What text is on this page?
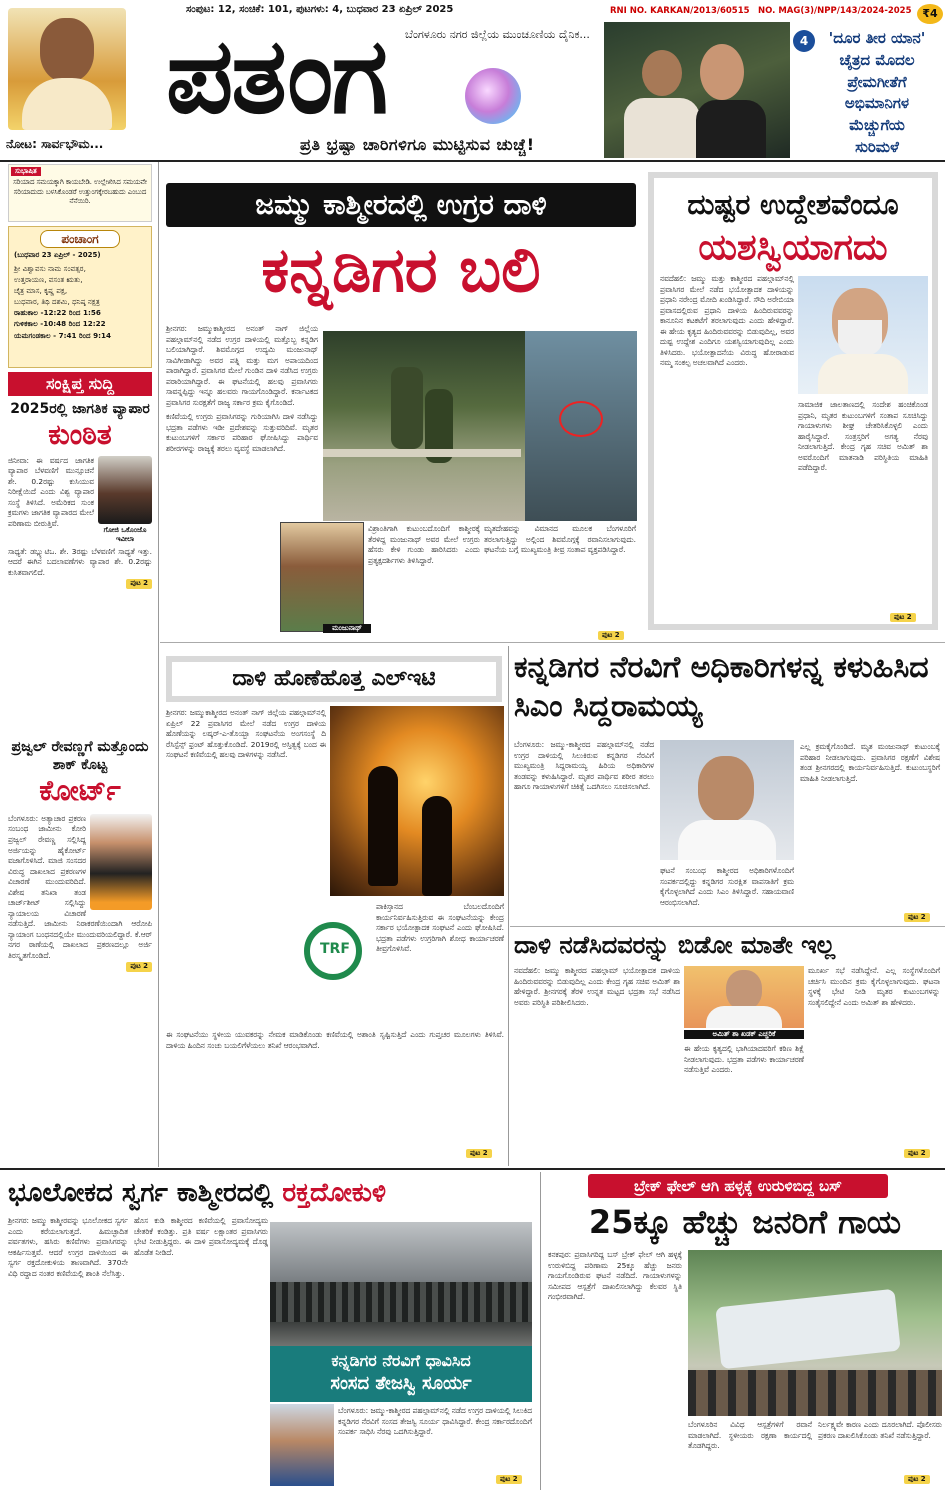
ನೋಟ: ಸಾರ್ವಭೌಮ...
ಸಂಪುಟ: 12, ಸಂಚಿಕೆ: 101, ಪುಟಗಳು: 4, ಬುಧವಾರ 23 ಏಪ್ರಿಲ್ 2025	RNI NO. KARKAN/2013/60515 NO. MAG(3)/NPP/143/2024-2025 ₹4
ಬೆಂಗಳೂರು ನಗರ ಜಿಲ್ಲೆಯ ಮುಂಚೂಣಿಯ ದೈನಿಕ...
ಪತಂಗ
ಪ್ರತಿ ಭ್ರಷ್ಟಾ ಚಾರಿಗಳಿಗೂ ಮುಟ್ಟಿಸುವ ಚುಚ್ಚೆ!
4	'ದೂರ ತೀರ ಯಾನ'
ಚೈತ್ರದ ಮೊದಲ
ಪ್ರೇಮಗೀತೆಗೆ
ಅಭಿಮಾನಿಗಳ
ಮೆಚ್ಚುಗೆಯ
ಸುರಿಮಳೆ
ಸುಭಾಷಿತ
ಸರಿಯಾದ ಸಮಯಕ್ಕಾಗಿ ಕಾಯಬೇಡಿ. ಉಲ್ಲೇಖಿಸಿದ ಸಮಯವೇ ಸರಿಯಾದುದು ಬಳಸಿಕೊಂಡರೆ ಉತ್ತುಂಗಕ್ಕೇರಬಹುದು ಎಂಬುದ ನೆನೆಯಿರಿ.
ಪಂಚಾಂಗ
(ಬುಧವಾರ 23 ಏಪ್ರಿಲ್ - 2025)
ಶ್ರೀ ವಿಶ್ವಾವಸು ನಾಮ ಸಂವತ್ಸರ,
ಉತ್ತರಾಯಣ, ವಸಂತ ಋತು,
ಚೈತ್ರ ಮಾಸ, ಕೃಷ್ಣ ಪಕ್ಷ,
ಬುಧವಾರ, ತಿಥಿ ದಶಮಿ, ಧನಿಷ್ಠ ನಕ್ಷತ್ರ
ರಾಹುಕಾಲ -12:22 ರಿಂದ 1:56
ಗುಳಿಕಕಾಲ -10:48 ರಿಂದ 12:22
ಯಮಗಂಡಕಾಲ - 7:41 ರಿಂದ 9:14
ಸಂಕ್ಷಿಪ್ತ ಸುದ್ದಿ
2025ರಲ್ಲಿ ಜಾಗತಿಕ ವ್ಯಾಪಾರ
ಕುಂಠಿತ
ಜಿನೀವಾ: ಈ ವರ್ಷದ ಜಾಗತಿಕ ವ್ಯಾಪಾರ ಬೆಳವಣಿಗೆ ಮುನ್ಸೂಚನೆ ಶೇ. 0.2ರಷ್ಟು ಕುಸಿಯುವ ನಿರೀಕ್ಷೆಯಿದೆ ಎಂದು ವಿಶ್ವ ವ್ಯಾಪಾರ ಸಂಸ್ಥೆ ತಿಳಿಸಿದೆ. ಅಮೆರಿಕದ ಸುಂಕ ಕ್ರಮಗಳು ಜಾಗತಿಕ ವ್ಯಾಪಾರದ ಮೇಲೆ ಪರಿಣಾಮ ಬೀರುತ್ತಿವೆ.
ಗೋಜಿ ಒಕೊಂಜೊ ಇವೀಲಾ
ಸಾಧ್ಯತೆ: ಡಬ್ಲ್ಯುಟಿಒ. ಶೇ. 3ರಷ್ಟು ಬೆಳವಣಿಗೆ ಸಾಧ್ಯತೆ ಇತ್ತು. ಆದರೆ ಈಗಿನ ಬದಲಾವಣೆಗಳು ವ್ಯಾಪಾರ ಶೇ. 0.2ರಷ್ಟು ಕುಸಿತವಾಗಲಿದೆ.
ಪುಟ 2
ಪ್ರಜ್ವಲ್ ರೇವಣ್ಣಗೆ ಮತ್ತೊಂದು ಶಾಕ್ ಕೊಟ್ಟ
ಕೋರ್ಟ್
ಬೆಂಗಳೂರು: ಅತ್ಯಾಚಾರ ಪ್ರಕರಣ ಸಂಬಂಧ ಜಾಮೀನು ಕೋರಿ ಪ್ರಜ್ವಲ್ ರೇವಣ್ಣ ಸಲ್ಲಿಸಿದ್ದ ಅರ್ಜಿಯನ್ನು ಹೈಕೋರ್ಟ್ ವಜಾಗೊಳಿಸಿದೆ. ಮಾಜಿ ಸಂಸದರ ವಿರುದ್ಧ ದಾಖಲಾದ ಪ್ರಕರಣಗಳ ವಿಚಾರಣೆ ಮುಂದುವರಿದಿದೆ. ವಿಶೇಷ ತನಿಖಾ ತಂಡ ಚಾರ್ಜ್‌ಶೀಟ್ ಸಲ್ಲಿಸಿದ್ದು ನ್ಯಾಯಾಲಯ ವಿಚಾರಣೆ ನಡೆಸುತ್ತಿದೆ. ಜಾಮೀನು ನಿರಾಕರಣೆಯಿಂದಾಗಿ ಆರೋಪಿ ನ್ಯಾಯಾಂಗ ಬಂಧನದಲ್ಲಿಯೇ ಮುಂದುವರಿಯಲಿದ್ದಾರೆ. ಕೆ.ಆರ್ ನಗರ ಠಾಣೆಯಲ್ಲಿ ದಾಖಲಾದ ಪ್ರಕರಣದಲ್ಲೂ ಅರ್ಜಿ ತಿರಸ್ಕೃತಗೊಂಡಿದೆ.
ಪುಟ 2
ಜಮ್ಮು ಕಾಶ್ಮೀರದಲ್ಲಿ ಉಗ್ರರ ದಾಳಿ
ಕನ್ನಡಿಗರ ಬಲಿ

ಶ್ರೀನಗರ: ಜಮ್ಮುಕಾಶ್ಮೀರದ ಅನಂತ್ ನಾಗ್ ಜಿಲ್ಲೆಯ ಪಹಲ್ಗಾಮ್‌ನಲ್ಲಿ ನಡೆದ ಉಗ್ರರ ದಾಳಿಯಲ್ಲಿ ಮತ್ತೊಬ್ಬ ಕನ್ನಡಿಗ ಬಲಿಯಾಗಿದ್ದಾರೆ. ಶಿವಮೊಗ್ಗದ ಉದ್ಯಮಿ ಮಂಜುನಾಥ್ ಸಾವಿಗೀಡಾಗಿದ್ದು ಅವರ ಪತ್ನಿ ಮತ್ತು ಮಗ ಅಪಾಯದಿಂದ ಪಾರಾಗಿದ್ದಾರೆ. ಪ್ರವಾಸಿಗರ ಮೇಲೆ ಗುಂಡಿನ ದಾಳಿ ನಡೆಸಿದ ಉಗ್ರರು ಪರಾರಿಯಾಗಿದ್ದಾರೆ. ಈ ಘಟನೆಯಲ್ಲಿ ಹಲವು ಪ್ರವಾಸಿಗರು ಸಾವನ್ನಪ್ಪಿದ್ದು ಇನ್ನೂ ಹಲವರು ಗಾಯಗೊಂಡಿದ್ದಾರೆ. ಕರ್ನಾಟಕದ ಪ್ರವಾಸಿಗರ ಸುರಕ್ಷತೆಗೆ ರಾಜ್ಯ ಸರ್ಕಾರ ಕ್ರಮ ಕೈಗೊಂಡಿದೆ.

ಕಣಿವೆಯಲ್ಲಿ ಉಗ್ರರು ಪ್ರವಾಸಿಗರನ್ನು ಗುರಿಯಾಗಿಸಿ ದಾಳಿ ನಡೆಸಿದ್ದು ಭದ್ರತಾ ಪಡೆಗಳು ಇಡೀ ಪ್ರದೇಶವನ್ನು ಸುತ್ತುವರಿದಿವೆ. ಮೃತರ ಕುಟುಂಬಗಳಿಗೆ ಸರ್ಕಾರ ಪರಿಹಾರ ಘೋಷಿಸಿದ್ದು ಪಾರ್ಥಿವ ಶರೀರಗಳನ್ನು ರಾಜ್ಯಕ್ಕೆ ತರಲು ವ್ಯವಸ್ಥೆ ಮಾಡಲಾಗಿದೆ.

ಮಂಜುನಾಥ್
ವಿಶ್ರಾಂತಿಗಾಗಿ ಕುಟುಂಬದೊಂದಿಗೆ ಕಾಶ್ಮೀರಕ್ಕೆ ತೆರಳಿದ್ದ ಮಂಜುನಾಥ್ ಅವರ ಮೇಲೆ ಉಗ್ರರು ಹೆಸರು ಕೇಳಿ ಗುಂಡು ಹಾರಿಸಿದರು ಎಂದು ಪ್ರತ್ಯಕ್ಷದರ್ಶಿಗಳು ತಿಳಿಸಿದ್ದಾರೆ.
ಮೃತದೇಹವನ್ನು ವಿಮಾನದ ಮೂಲಕ ಬೆಂಗಳೂರಿಗೆ ತರಲಾಗುತ್ತಿದ್ದು ಅಲ್ಲಿಂದ ಶಿವಮೊಗ್ಗಕ್ಕೆ ರವಾನಿಸಲಾಗುವುದು. ಘಟನೆಯ ಬಗ್ಗೆ ಮುಖ್ಯಮಂತ್ರಿ ತೀವ್ರ ಸಂತಾಪ ವ್ಯಕ್ತಪಡಿಸಿದ್ದಾರೆ.
ಪುಟ 2
ದುಷ್ಟರ ಉದ್ದೇಶವೆಂದೂ
ಯಶಸ್ವಿಯಾಗದು
ನವದೆಹಲಿ: ಜಮ್ಮು ಮತ್ತು ಕಾಶ್ಮೀರದ ಪಹಲ್ಗಾಮ್‌ನಲ್ಲಿ ಪ್ರವಾಸಿಗರ ಮೇಲೆ ನಡೆದ ಭಯೋತ್ಪಾದಕ ದಾಳಿಯನ್ನು ಪ್ರಧಾನಿ ನರೇಂದ್ರ ಮೋದಿ ಖಂಡಿಸಿದ್ದಾರೆ. ಸೌದಿ ಅರೇಬಿಯಾ ಪ್ರವಾಸದಲ್ಲಿರುವ ಪ್ರಧಾನಿ ದಾಳಿಯ ಹಿಂದಿರುವವರನ್ನು ಕಾನೂನಿನ ಕಟಕಟೆಗೆ ತರಲಾಗುವುದು ಎಂದು ಹೇಳಿದ್ದಾರೆ. ಈ ಹೇಯ ಕೃತ್ಯದ ಹಿಂದಿರುವವರನ್ನು ಬಿಡುವುದಿಲ್ಲ, ಅವರ ದುಷ್ಟ ಉದ್ದೇಶ ಎಂದಿಗೂ ಯಶಸ್ವಿಯಾಗುವುದಿಲ್ಲ ಎಂದು ತಿಳಿಸಿದರು. ಭಯೋತ್ಪಾದನೆಯ ವಿರುದ್ಧ ಹೋರಾಡುವ ನಮ್ಮ ಸಂಕಲ್ಪ ಅಚಲವಾಗಿದೆ ಎಂದರು.
ಸಾಮಾಜಿಕ ಜಾಲತಾಣದಲ್ಲಿ ಸಂದೇಶ ಹಂಚಿಕೊಂಡ ಪ್ರಧಾನಿ, ಮೃತರ ಕುಟುಂಬಗಳಿಗೆ ಸಂತಾಪ ಸೂಚಿಸಿದ್ದು ಗಾಯಾಳುಗಳು ಶೀಘ್ರ ಚೇತರಿಸಿಕೊಳ್ಳಲಿ ಎಂದು ಹಾರೈಸಿದ್ದಾರೆ. ಸಂತ್ರಸ್ತರಿಗೆ ಅಗತ್ಯ ನೆರವು ನೀಡಲಾಗುತ್ತಿದೆ. ಕೇಂದ್ರ ಗೃಹ ಸಚಿವ ಅಮಿತ್ ಶಾ ಅವರೊಂದಿಗೆ ಮಾತನಾಡಿ ಪರಿಸ್ಥಿತಿಯ ಮಾಹಿತಿ ಪಡೆದಿದ್ದಾರೆ.
ಪುಟ 2
ದಾಳಿ ಹೊಣೆಹೊತ್ತ ಎಲ್‌ಇಟಿ
ಶ್ರೀನಗರ: ಜಮ್ಮುಕಾಶ್ಮೀರದ ಅನಂತ್ ನಾಗ್ ಜಿಲ್ಲೆಯ ಪಹಲ್ಗಾಮ್‌ನಲ್ಲಿ ಏಪ್ರಿಲ್ 22 ಪ್ರವಾಸಿಗರ ಮೇಲೆ ನಡೆದ ಉಗ್ರರ ದಾಳಿಯ ಹೊಣೆಯನ್ನು ಲಷ್ಕರ್-ಎ-ತೊಯ್ಬಾ ಸಂಘಟನೆಯ ಅಂಗಸಂಸ್ಥೆ ದಿ ರೆಸಿಸ್ಟೆನ್ಸ್ ಫ್ರಂಟ್ ಹೊತ್ತುಕೊಂಡಿದೆ. 2019ರಲ್ಲಿ ಅಸ್ತಿತ್ವಕ್ಕೆ ಬಂದ ಈ ಸಂಘಟನೆ ಕಣಿವೆಯಲ್ಲಿ ಹಲವು ದಾಳಿಗಳನ್ನು ನಡೆಸಿದೆ.
TRF
ಪಾಕಿಸ್ತಾನದ ಬೆಂಬಲದೊಂದಿಗೆ ಕಾರ್ಯನಿರ್ವಹಿಸುತ್ತಿರುವ ಈ ಸಂಘಟನೆಯನ್ನು ಕೇಂದ್ರ ಸರ್ಕಾರ ಭಯೋತ್ಪಾದಕ ಸಂಘಟನೆ ಎಂದು ಘೋಷಿಸಿದೆ. ಭದ್ರತಾ ಪಡೆಗಳು ಉಗ್ರರಿಗಾಗಿ ಶೋಧ ಕಾರ್ಯಾಚರಣೆ ತೀವ್ರಗೊಳಿಸಿವೆ.
ಈ ಸಂಘಟನೆಯು ಸ್ಥಳೀಯ ಯುವಕರನ್ನು ನೇಮಕ ಮಾಡಿಕೊಂಡು ಕಣಿವೆಯಲ್ಲಿ ಅಶಾಂತಿ ಸೃಷ್ಟಿಸುತ್ತಿದೆ ಎಂದು ಗುಪ್ತಚರ ಮೂಲಗಳು ತಿಳಿಸಿವೆ. ದಾಳಿಯ ಹಿಂದಿನ ಸಂಚು ಬಯಲಿಗೆಳೆಯಲು ತನಿಖೆ ಆರಂಭವಾಗಿದೆ.
ಪುಟ 2
ಕನ್ನಡಿಗರ ನೆರವಿಗೆ ಅಧಿಕಾರಿಗಳನ್ನ ಕಳುಹಿಸಿದ ಸಿಎಂ ಸಿದ್ದರಾಮಯ್ಯ
ಬೆಂಗಳೂರು: ಜಮ್ಮು-ಕಾಶ್ಮೀರದ ಪಹಲ್ಗಾಮ್‌ನಲ್ಲಿ ನಡೆದ ಉಗ್ರರ ದಾಳಿಯಲ್ಲಿ ಸಿಲುಕಿರುವ ಕನ್ನಡಿಗರ ನೆರವಿಗೆ ಮುಖ್ಯಮಂತ್ರಿ ಸಿದ್ದರಾಮಯ್ಯ ಹಿರಿಯ ಅಧಿಕಾರಿಗಳ ತಂಡವನ್ನು ಕಳುಹಿಸಿದ್ದಾರೆ. ಮೃತರ ಪಾರ್ಥಿವ ಶರೀರ ತರಲು ಹಾಗೂ ಗಾಯಾಳುಗಳಿಗೆ ಚಿಕಿತ್ಸೆ ಒದಗಿಸಲು ಸೂಚಿಸಲಾಗಿದೆ.
ಘಟನೆ ಸಂಬಂಧ ಕಾಶ್ಮೀರದ ಅಧಿಕಾರಿಗಳೊಂದಿಗೆ ಸಂಪರ್ಕದಲ್ಲಿದ್ದು ಕನ್ನಡಿಗರ ಸುರಕ್ಷಿತ ವಾಪಸಾತಿಗೆ ಕ್ರಮ ಕೈಗೊಳ್ಳಲಾಗಿದೆ ಎಂದು ಸಿಎಂ ತಿಳಿಸಿದ್ದಾರೆ. ಸಹಾಯವಾಣಿ ಆರಂಭಿಸಲಾಗಿದೆ.
ಎಲ್ಲ ಕ್ರಮಕೈಗೊಂಡಿದೆ. ಮೃತ ಮಂಜುನಾಥ್ ಕುಟುಂಬಕ್ಕೆ ಪರಿಹಾರ ನೀಡಲಾಗುವುದು. ಪ್ರವಾಸಿಗರ ರಕ್ಷಣೆಗೆ ವಿಶೇಷ ತಂಡ ಶ್ರೀನಗರದಲ್ಲಿ ಕಾರ್ಯನಿರ್ವಹಿಸುತ್ತಿದೆ. ಕುಟುಂಬಸ್ಥರಿಗೆ ಮಾಹಿತಿ ನೀಡಲಾಗುತ್ತಿದೆ.
ಪುಟ 2
ದಾಳಿ ನಡೆಸಿದವರನ್ನು ಬಿಡೋ ಮಾತೇ ಇಲ್ಲ
ನವದೆಹಲಿ: ಜಮ್ಮು ಕಾಶ್ಮೀರದ ಪಹಲ್ಗಾಮ್ ಭಯೋತ್ಪಾದಕ ದಾಳಿಯ ಹಿಂದಿರುವವರನ್ನು ಬಿಡುವುದಿಲ್ಲ ಎಂದು ಕೇಂದ್ರ ಗೃಹ ಸಚಿವ ಅಮಿತ್ ಶಾ ಹೇಳಿದ್ದಾರೆ. ಶ್ರೀನಗರಕ್ಕೆ ತೆರಳಿ ಉನ್ನತ ಮಟ್ಟದ ಭದ್ರತಾ ಸಭೆ ನಡೆಸಿದ ಅವರು ಪರಿಸ್ಥಿತಿ ಪರಿಶೀಲಿಸಿದರು.
ಅಮಿತ್ ಶಾ ಖಡಕ್ ಎಚ್ಚರಿಕೆ
ಈ ಹೇಯ ಕೃತ್ಯದಲ್ಲಿ ಭಾಗಿಯಾದವರಿಗೆ ಕಠಿಣ ಶಿಕ್ಷೆ ನೀಡಲಾಗುವುದು. ಭದ್ರತಾ ಪಡೆಗಳು ಕಾರ್ಯಾಚರಣೆ ನಡೆಸುತ್ತಿವೆ ಎಂದರು.
ಮೂರ್ಖ ಸಭೆ ನಡೆಸಿದ್ದೇನೆ. ಎಲ್ಲ ಸಂಸ್ಥೆಗಳೊಂದಿಗೆ ಚರ್ಚಿಸಿ ಮುಂದಿನ ಕ್ರಮ ಕೈಗೊಳ್ಳಲಾಗುವುದು. ಘಟನಾ ಸ್ಥಳಕ್ಕೆ ಭೇಟಿ ನೀಡಿ ಮೃತರ ಕುಟುಂಬಗಳನ್ನು ಸಂತೈಸಲಿದ್ದೇನೆ ಎಂದು ಅಮಿತ್ ಶಾ ಹೇಳಿದರು.
ಪುಟ 2
ಭೂಲೋಕದ ಸ್ವರ್ಗ ಕಾಶ್ಮೀರದಲ್ಲಿ ರಕ್ತದೋಕುಳಿ
ಶ್ರೀನಗರ: ಜಮ್ಮು ಕಾಶ್ಮೀರವನ್ನು ಭೂಲೋಕದ ಸ್ವರ್ಗ ಎಂದು ಕರೆಯಲಾಗುತ್ತದೆ. ಹಿಮಚ್ಛಾದಿತ ಪರ್ವತಗಳು, ಹಸಿರು ಕಣಿವೆಗಳು ಪ್ರವಾಸಿಗರನ್ನು ಆಕರ್ಷಿಸುತ್ತವೆ. ಆದರೆ ಉಗ್ರರ ದಾಳಿಯಿಂದ ಈ ಸ್ವರ್ಗ ರಕ್ತದೋಕುಳಿಯ ತಾಣವಾಗಿದೆ. 370ನೇ ವಿಧಿ ರದ್ದಾದ ನಂತರ ಕಣಿವೆಯಲ್ಲಿ ಶಾಂತಿ ನೆಲೆಸಿತ್ತು.
ಹೊಸ ಕುಡಿ ಕಾಶ್ಮೀರದ ಕಣಿವೆಯಲ್ಲಿ ಪ್ರವಾಸೋದ್ಯಮ ಚೇತರಿಕೆ ಕಂಡಿತ್ತು. ಪ್ರತಿ ವರ್ಷ ಲಕ್ಷಾಂತರ ಪ್ರವಾಸಿಗರು ಭೇಟಿ ನೀಡುತ್ತಿದ್ದರು. ಈ ದಾಳಿ ಪ್ರವಾಸೋದ್ಯಮಕ್ಕೆ ದೊಡ್ಡ ಹೊಡೆತ ನೀಡಿದೆ.
ಕನ್ನಡಿಗರ ನೆರವಿಗೆ ಧಾವಿಸಿದ
ಸಂಸದ ತೇಜಸ್ವಿ ಸೂರ್ಯ
ಬೆಂಗಳೂರು: ಜಮ್ಮು-ಕಾಶ್ಮೀರದ ಪಹಲ್ಗಾಮ್‌ನಲ್ಲಿ ನಡೆದ ಉಗ್ರರ ದಾಳಿಯಲ್ಲಿ ಸಿಲುಕಿದ ಕನ್ನಡಿಗರ ನೆರವಿಗೆ ಸಂಸದ ತೇಜಸ್ವಿ ಸೂರ್ಯ ಧಾವಿಸಿದ್ದಾರೆ. ಕೇಂದ್ರ ಸರ್ಕಾರದೊಂದಿಗೆ ಸಂಪರ್ಕ ಸಾಧಿಸಿ ನೆರವು ಒದಗಿಸುತ್ತಿದ್ದಾರೆ.
ಪುಟ 2
ಬ್ರೇಕ್ ಫೇಲ್ ಆಗಿ ಹಳ್ಳಕ್ಕೆ ಉರುಳಿಬಿದ್ದ ಬಸ್
25ಕ್ಕೂ ಹೆಚ್ಚು ಜನರಿಗೆ ಗಾಯ
ಕನಕಪುರ: ಪ್ರವಾಸಿಗರಿದ್ದ ಬಸ್ ಬ್ರೇಕ್ ಫೇಲ್ ಆಗಿ ಹಳ್ಳಕ್ಕೆ ಉರುಳಿಬಿದ್ದ ಪರಿಣಾಮ 25ಕ್ಕೂ ಹೆಚ್ಚು ಜನರು ಗಾಯಗೊಂಡಿರುವ ಘಟನೆ ನಡೆದಿದೆ. ಗಾಯಾಳುಗಳನ್ನು ಸಮೀಪದ ಆಸ್ಪತ್ರೆಗೆ ದಾಖಲಿಸಲಾಗಿದ್ದು ಕೆಲವರ ಸ್ಥಿತಿ ಗಂಭೀರವಾಗಿದೆ.
ಬೆಂಗಳೂರಿನ ವಿವಿಧ ಆಸ್ಪತ್ರೆಗಳಿಗೆ ರವಾನೆ ಮಾಡಲಾಗಿದೆ. ಸ್ಥಳೀಯರು ರಕ್ಷಣಾ ಕಾರ್ಯದಲ್ಲಿ ತೊಡಗಿದ್ದರು.
ನಿರ್ಲಕ್ಷ್ಯವೇ ಕಾರಣ ಎಂದು ದೂರಲಾಗಿದೆ. ಪೊಲೀಸರು ಪ್ರಕರಣ ದಾಖಲಿಸಿಕೊಂಡು ತನಿಖೆ ನಡೆಸುತ್ತಿದ್ದಾರೆ.
ಪುಟ 2
